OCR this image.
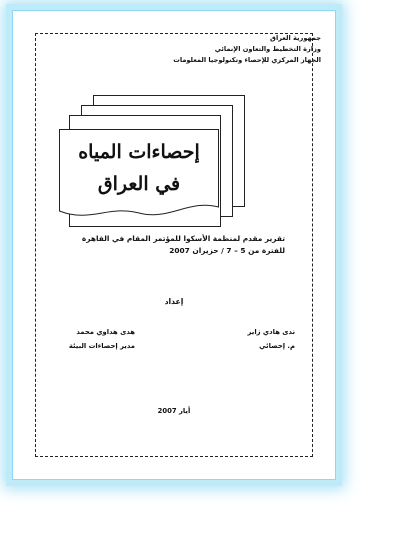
جمهورية العراق
وزارة التخطيط والتعاون الإنمائي
الجهاز المركزي للإحصاء وتكنولوجيا المعلومات
إحصاءات المياه
في العراق
تقرير مقدم لمنظمة الأسكوا للمؤتمر المقام في القاهرة
للفترة من 5 – 7 / حزيران 2007
إعداد
ندى هادي زاير
م. إحصائي
هدى هداوي محمد
مدير إحصاءات البيئة
أيار 2007
